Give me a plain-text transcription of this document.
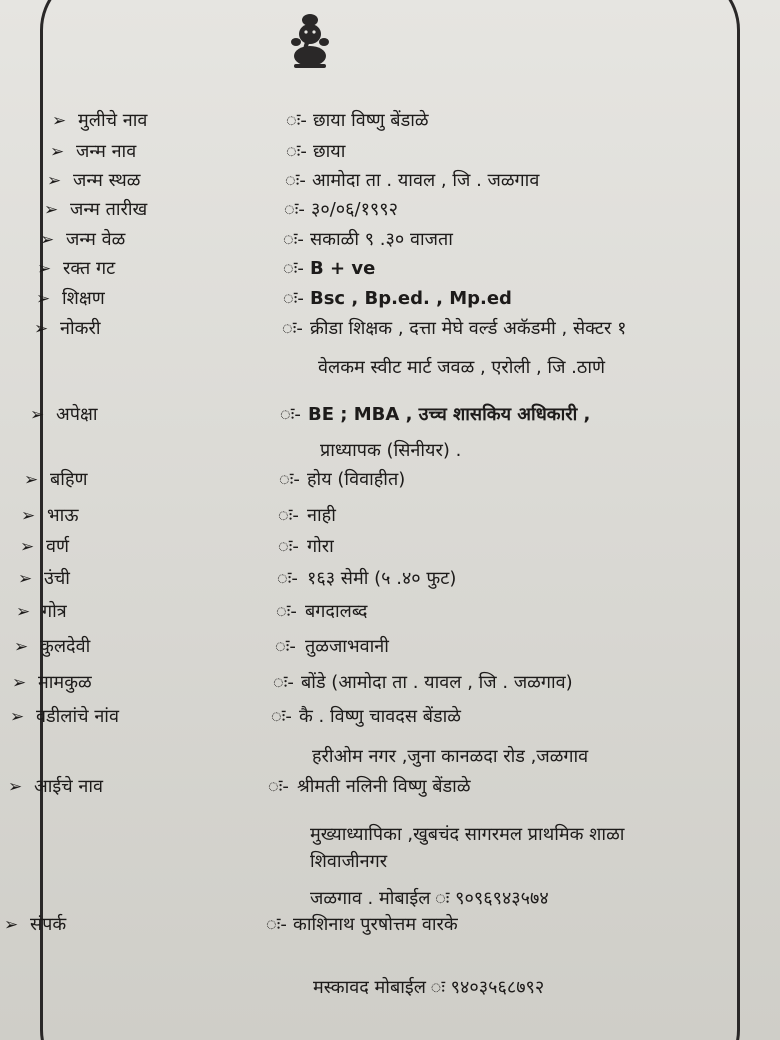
➢ मुलीचे नाव	ः- छाया विष्णु बेंडाळे
➢ जन्म नाव	ः- छाया
➢ जन्म स्थळ	ः- आमोदा ता . यावल , जि . जळगाव
➢ जन्म तारीख	ः- ३०/०६/१९९२
➢ जन्म वेळ	ः- सकाळी ९ .३० वाजता
➢ रक्त गट	ः- B + ve
➢ शिक्षण	ः- Bsc , Bp.ed. , Mp.ed
➢ नोकरी	ः- क्रीडा शिक्षक , दत्ता मेघे वर्ल्ड अकॅडमी , सेक्टर १
वेलकम स्वीट मार्ट जवळ , एरोली , जि .ठाणे
➢ अपेक्षा	ः- BE ; MBA , उच्च शासकिय अधिकारी ,
प्राध्यापक (सिनीयर) .
➢ बहिण	ः- होय (विवाहीत)
➢ भाऊ	ः- नाही
➢ वर्ण	ः- गोरा
➢ उंची	ः- १६३ सेमी (५ .४० फुट)
➢ गोत्र	ः- बगदालब्द
➢ कुलदेवी	ः- तुळजाभवानी
➢ मामकुळ	ः- बोंडे (आमोदा ता . यावल , जि . जळगाव)
➢ वडीलांचे नांव	ः- कै . विष्णु चावदस बेंडाळे
हरीओम नगर ,जुना कानळदा रोड ,जळगाव
➢ आईचे नाव	ः- श्रीमती नलिनी विष्णु बेंडाळे
मुख्याध्यापिका ,खुबचंद सागरमल प्राथमिक शाळा
शिवाजीनगर
जळगाव . मोबाईल ः ९०९६९४३५७४
➢ संपर्क	ः- काशिनाथ पुरषोत्तम वारके
मस्कावद मोबाईल ः ९४०३५६८७९२
